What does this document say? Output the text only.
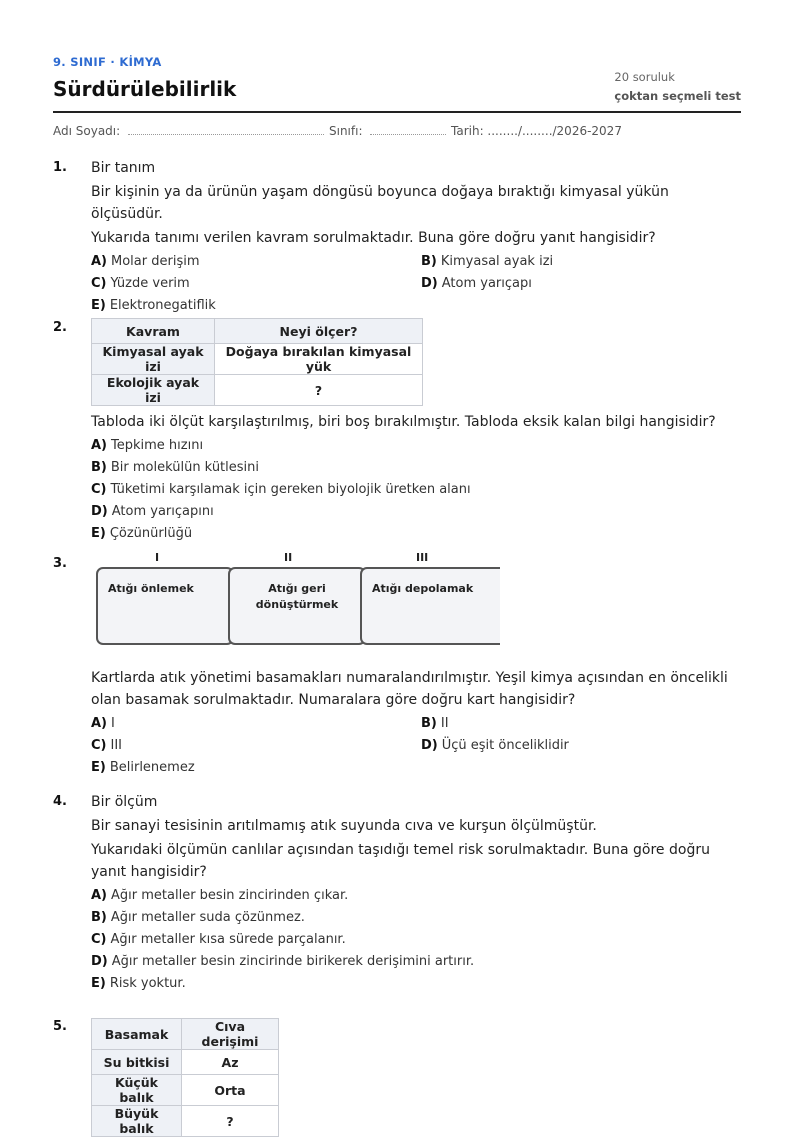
9. SINIF · KİMYA
Sürdürülebilirlik	20 soruluk
çoktan seçmeli test
Adı Soyadı:	Sınıfı:	Tarih: ......../......../2026-2027
1. Bir tanım
Bir kişinin ya da ürünün yaşam döngüsü boyunca doğaya bıraktığı kimyasal yükün ölçüsüdür.
Yukarıda tanımı verilen kavram sorulmaktadır. Buna göre doğru yanıt hangisidir?
A) Molar derişim	B) Kimyasal ayak izi
C) Yüzde verim	D) Atom yarıçapı
E) Elektronegatiflik
2.	Kavram	Neyi ölçer?
Kimyasal ayak izi	Doğaya bırakılan kimyasal yük
Ekolojik ayak izi	?
Tabloda iki ölçüt karşılaştırılmış, biri boş bırakılmıştır. Tabloda eksik kalan bilgi hangisidir?
A) Tepkime hızını
B) Bir molekülün kütlesini
C) Tüketimi karşılamak için gereken biyolojik üretken alanı
D) Atom yarıçapını
E) Çözünürlüğü
3.	I	II	III
Atığı önlemek	Atığı geri dönüştürmek
Atığı depolamak
Kartlarda atık yönetimi basamakları numaralandırılmıştır. Yeşil kimya açısından en öncelikli olan basamak sorulmaktadır. Numaralara göre doğru kart hangisidir?
A) I	B) II
C) III	D) Üçü eşit önceliklidir
E) Belirlenemez
4. Bir ölçüm
Bir sanayi tesisinin arıtılmamış atık suyunda cıva ve kurşun ölçülmüştür.
Yukarıdaki ölçümün canlılar açısından taşıdığı temel risk sorulmaktadır. Buna göre doğru yanıt hangisidir?
A) Ağır metaller besin zincirinden çıkar.
B) Ağır metaller suda çözünmez.
C) Ağır metaller kısa sürede parçalanır.
D) Ağır metaller besin zincirinde birikerek derişimini artırır.
E) Risk yoktur.
5.	Basamak	Cıva derişimi
Su bitkisi	Az
Küçük balık	Orta
Büyük balık	?
